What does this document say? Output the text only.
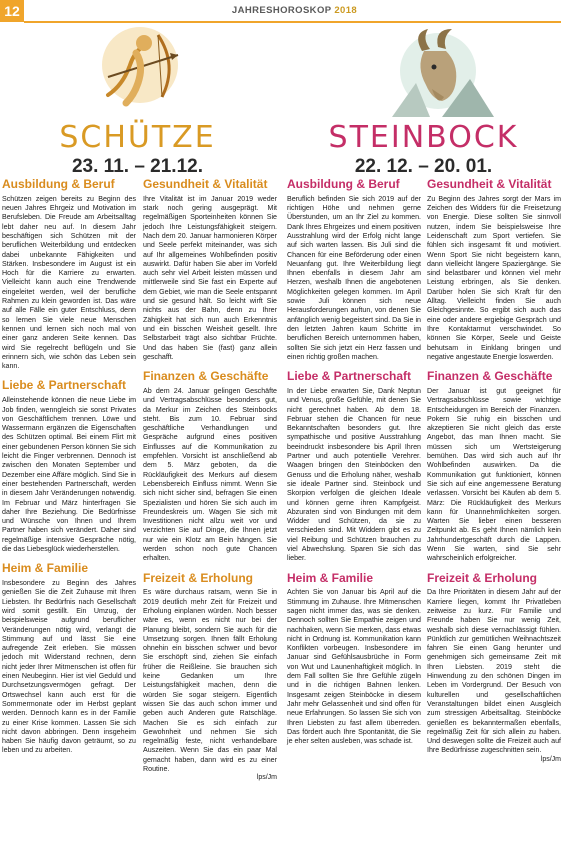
12	JAHRESHOROSKOP 2018
SCHÜTZE
23. 11. – 21.12.
STEINBOCK
22. 12. – 20. 01.
Ausbildung & Beruf

Schützen zeigen bereits zu Beginn des neuen Jahres Ehrgeiz und Motivation im Berufsleben. Die Freude am Arbeitsalltag lebt daher neu auf. In diesem Jahr beschäftigen sich Schützen mit der beruflichen Weiterbildung und entdecken dabei unbekannte Fähigkeiten und Stärken. Insbesondere im August ist ein Hoch für die Karriere zu erwarten. Vielleicht kann auch eine Trendwende eingeleitet werden, weil der berufliche Rahmen zu klein geworden ist. Das wäre auf alle Fälle ein guter Entschluss, denn so lernen Sie viele neue Menschen kennen und lernen sich noch mal von einer ganz anderen Seite kennen. Das wird Sie regelrecht beflügeln und Sie erinnern sich, wie schön das Leben sein kann.

Liebe & Partnerschaft

Alleinstehende können die neue Liebe im Job finden, wenngleich sie sonst Privates von Geschäftlichem trennen. Löwe und Wassermann ergänzen die Eigenschaften des Schützen optimal. Bei einem Flirt mit einer gebundenen Person können Sie sich leicht die Finger verbrennen. Dennoch ist zwischen den Monaten September und Dezember eine Affäre möglich. Sind Sie in einer bestehenden Partnerschaft, werden in diesem Jahr Veränderungen notwendig. Im Februar und März hinterfragen Sie daher Ihre Beziehung. Die Bedürfnisse und Wünsche von Ihnen und Ihrem Partner haben sich verändert. Daher sind regelmäßige intensive Gespräche nötig, die das Liebesglück wiederherstellen.

Heim & Familie

Insbesondere zu Beginn des Jahres genießen Sie die Zeit Zuhause mit Ihren Liebsten. Ihr Bedürfnis nach Gesellschaft wird somit gestillt. Ein Umzug, der beispielsweise aufgrund beruflicher Veränderungen nötig wird, verlangt die Stimmung auf und lässt Sie eine aufregende Zeit erleben. Sie müssen jedoch mit Widerstand rechnen, denn nicht jeder Ihrer Mitmenschen ist offen für einen Neubeginn. Hier ist viel Geduld und Durchsetzungsvermögen gefragt. Der Ortswechsel kann auch erst für die Sommermonate oder im Herbst geplant werden. Dennoch kann es in der Familie zu einer Krise kommen. Lassen Sie sich nicht davon abbringen. Denn insgeheim haben Sie häufig davon geträumt, so zu leben und zu arbeiten.

Gesundheit & Vitalität

Ihre Vitalität ist im Januar 2019 weder stark noch gering ausgeprägt. Mit regelmäßigen Sporteinheiten können Sie jedoch Ihre Leistungsfähigkeit steigern. Nach dem 20. Januar harmonieren Körper und Seele perfekt miteinander, was sich auf Ihr allgemeines Wohlbefinden positiv auswirkt. Dafür haben Sie aber im Vorfeld auch sehr viel Arbeit leisten müssen und mittlerweile sind Sie fast ein Experte auf dem Gebiet, wie man die Seele entspannt und sie gesund hält. So leicht wirft Sie nichts aus der Bahn, denn zu Ihrer Zähigkeit hat sich nun auch Erkenntnis und ein bisschen Weisheit gesellt. Ihre Selbstarbeit trägt also sichtbar Früchte. Und das haben Sie (fast) ganz allein geschafft.

Finanzen & Geschäfte

Ab dem 24. Januar gelingen Geschäfte und Vertragsabschlüsse besonders gut, da Merkur im Zeichen des Steinbocks steht. Bis zum 10. Februar sind geschäftliche Verhandlungen und Gespräche aufgrund eines positiven Einflusses auf die Kommunikation zu empfehlen. Vorsicht ist anschließend ab dem 5. März geboten, da die Rückläufigkeit des Merkurs auf diesem Lebensbereich Einfluss nimmt. Wenn Sie sich nicht sicher sind, befragen Sie einen Spezialisten und hören Sie sich auch im Freundeskreis um. Wagen Sie sich mit Investitionen nicht allzu weit vor und verzichten Sie auf Dinge, die Ihnen jetzt nur wie ein Klotz am Bein hängen. Sie werden schon noch gute Chancen erhalten.

Freizeit & Erholung

Es wäre durchaus ratsam, wenn Sie in 2019 deutlich mehr Zeit für Freizeit und Erholung einplanen würden. Noch besser wäre es, wenn es nicht nur bei der Planung bleibt, sondern Sie auch für die Umsetzung sorgen. Ihnen fällt Erholung ohnehin ein bisschen schwer und bevor Sie erschöpft sind, ziehen Sie einfach früher die Reißleine. Sie brauchen sich keine Gedanken um Ihre Leistungsfähigkeit machen, denn die würden Sie sogar steigern. Eigentlich wissen Sie das auch schon immer und geben auch Anderen gute Ratschläge. Machen Sie es sich einfach zur Gewohnheit und nehmen Sie sich regelmäßig feste, nicht verhandelbare Auszeiten. Wenn Sie das ein paar Mal gemacht haben, dann wird es zu einer Routine.

lps/Jm
Ausbildung & Beruf

Beruflich befinden Sie sich 2019 auf der richtigen Höhe und nehmen gerne Überstunden, um an Ihr Ziel zu kommen. Dank Ihres Ehrgeizes und einem positiven Ausstrahlung wird der Erfolg nicht lange auf sich warten lassen. Bis Juli sind die Chancen für eine Beförderung oder einen Neuanfang gut. Ihre Weiterbildung liegt Ihnen ebenfalls in diesem Jahr am Herzen, weshalb Ihnen die angebotenen Möglichkeiten gelegen kommen. Im April sowie Juli können sich neue Herausforderungen auftun, von denen Sie anfänglich wenig begeistert sind. Da Sie in den letzten Jahren kaum Schritte im beruflichen Bereich unternommen haben, sollten Sie sich jetzt ein Herz fassen und einen richtig großen machen.

Liebe & Partnerschaft

In der Liebe erwarten Sie, Dank Neptun und Venus, große Gefühle, mit denen Sie nicht gerechnet haben. Ab dem 18. Februar stehen die Chancen für neue Bekanntschaften besonders gut. Ihre sympathische und positive Ausstrahlung beeindruckt insbesondere bis April Ihren Partner und auch potentielle Verehrer. Waagen bringen den Steinböcken den Genuss und die Erholung näher, weshalb sie ideale Partner sind. Steinbock und Skorpion verfolgen die gleichen Ideale und können gerne ihren Kampfgeist. Abzuraten sind von Bindungen mit dem Widder und Schützen, da sie zu verschieden sind. Mit Widdern gibt es zu viel Reibung und Schützen brauchen zu viel Abwechslung. Sparen Sie sich das lieber.

Heim & Familie

Achten Sie von Januar bis April auf die Stimmung im Zuhause. Ihre Mitmenschen sagen nicht immer das, was sie denken. Dennoch sollten Sie Empathie zeigen und nachhaken, wenn Sie merken, dass etwas nicht in Ordnung ist. Kommunikation kann Konflikten vorbeugen. Insbesondere im Januar sind Gefühlsausbrüche in Form von Wut und Launenhaftigkeit möglich. In dem Fall sollten Sie Ihre Gefühle zügeln und in die richtigen Bahnen lenken. Insgesamt zeigen Steinböcke in diesem Jahr mehr Gelassenheit und sind offen für neue Erfahrungen. So lassen Sie sich von Ihren Liebsten zu fast allem überreden. Das fördert auch Ihre Spontanität, die Sie je eher selten ausleben, was schade ist.

Gesundheit & Vitalität

Zu Beginn des Jahres sorgt der Mars im Zeichen des Widders für die Freisetzung von Energie. Diese sollten Sie sinnvoll nutzen, indem Sie beispielsweise Ihre Leidenschaft zum Sport vertiefen. Sie fühlen sich insgesamt fit und motiviert. Wenn Sport Sie nicht begeistern kann, dann vielleicht längere Spaziergänge. Sie sind belastbarer und können viel mehr Leistung erbringen, als Sie denken. Darüber holen Sie sich Kraft für den Alltag. Vielleicht finden Sie auch Gleichgesinnte. So ergibt sich auch das eine oder andere ergiebige Gespräch und Ihre Kontaktarmut verschwindet. So können Sie Körper, Seele und Geiste behutsam in Einklang bringen und negative angestaute Energie loswerden.

Finanzen & Geschäfte

Der Januar ist gut geeignet für Vertragsabschlüsse sowie wichtige Entscheidungen im Bereich der Finanzen. Pokern Sie ruhig ein bisschen und akzeptieren Sie nicht gleich das erste Angebot, das man Ihnen macht. Sie müssen sich um Wertsteigerung bemühen. Das wird sich auch auf Ihr Wohlbefinden auswirken. Da die Kommunikation gut funktioniert, können Sie sich auf eine angemessene Beratung verlassen. Vorsicht bei Käufen ab dem 5. März: Die Rückläufigkeit des Merkurs kann für Unannehmlichkeiten sorgen. Warten Sie lieber einen besseren Zeitpunkt ab. Es geht Ihnen nämlich kein Jahrhundertgeschäft durch die Lappen. Wenn Sie warten, sind Sie sehr wahrscheinlich erfolgreicher.

Freizeit & Erholung

Da Ihre Prioritäten in diesem Jahr auf der Karriere liegen, kommt Ihr Privatleben zeitweise zu kurz. Für Familie und Freunde haben Sie nur wenig Zeit, weshalb sich diese vernachlässigt fühlen. Pünktlich zur gemütlichen Weihnachtszeit fahren Sie einen Gang herunter und genehmigen sich gemeinsame Zeit mit Ihren Liebsten. 2019 steht die Hinwendung zu den schönen Dingen im Leben im Vordergrund. Der Besuch von kulturellen und gesellschaftlichen Veranstaltungen bildet einen Ausgleich zum stressigen Arbeitsalltag. Steinböcke genießen es bekanntermaßen ebenfalls, regelmäßig Zeit für sich allein zu haben. Und deswegen sollte die Freizeit auch auf Ihre Bedürfnisse zugeschnitten sein.

lps/Jm
